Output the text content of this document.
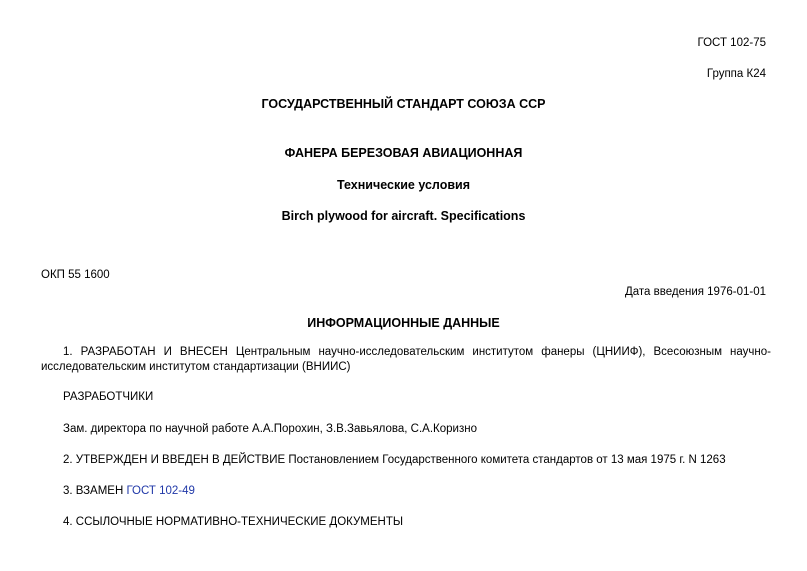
ГОСТ 102-75
Группа К24
ГОСУДАРСТВЕННЫЙ СТАНДАРТ СОЮЗА ССР
ФАНЕРА БЕРЕЗОВАЯ АВИАЦИОННАЯ
Технические условия
Birch plywood for aircraft. Specifications
ОКП 55 1600
Дата введения 1976-01-01
ИНФОРМАЦИОННЫЕ ДАННЫЕ
1. РАЗРАБОТАН И ВНЕСЕН Центральным научно-исследовательским институтом фанеры (ЦНИИФ), Всесоюзным научно-исследовательским институтом стандартизации (ВНИИС)
РАЗРАБОТЧИКИ
Зам. директора по научной работе А.А.Порохин, З.В.Завьялова, С.А.Коризно
2. УТВЕРЖДЕН И ВВЕДЕН В ДЕЙСТВИЕ Постановлением Государственного комитета стандартов от 13 мая 1975 г. N 1263
3. ВЗАМЕН ГОСТ 102-49
4. ССЫЛОЧНЫЕ НОРМАТИВНО-ТЕХНИЧЕСКИЕ ДОКУМЕНТЫ
